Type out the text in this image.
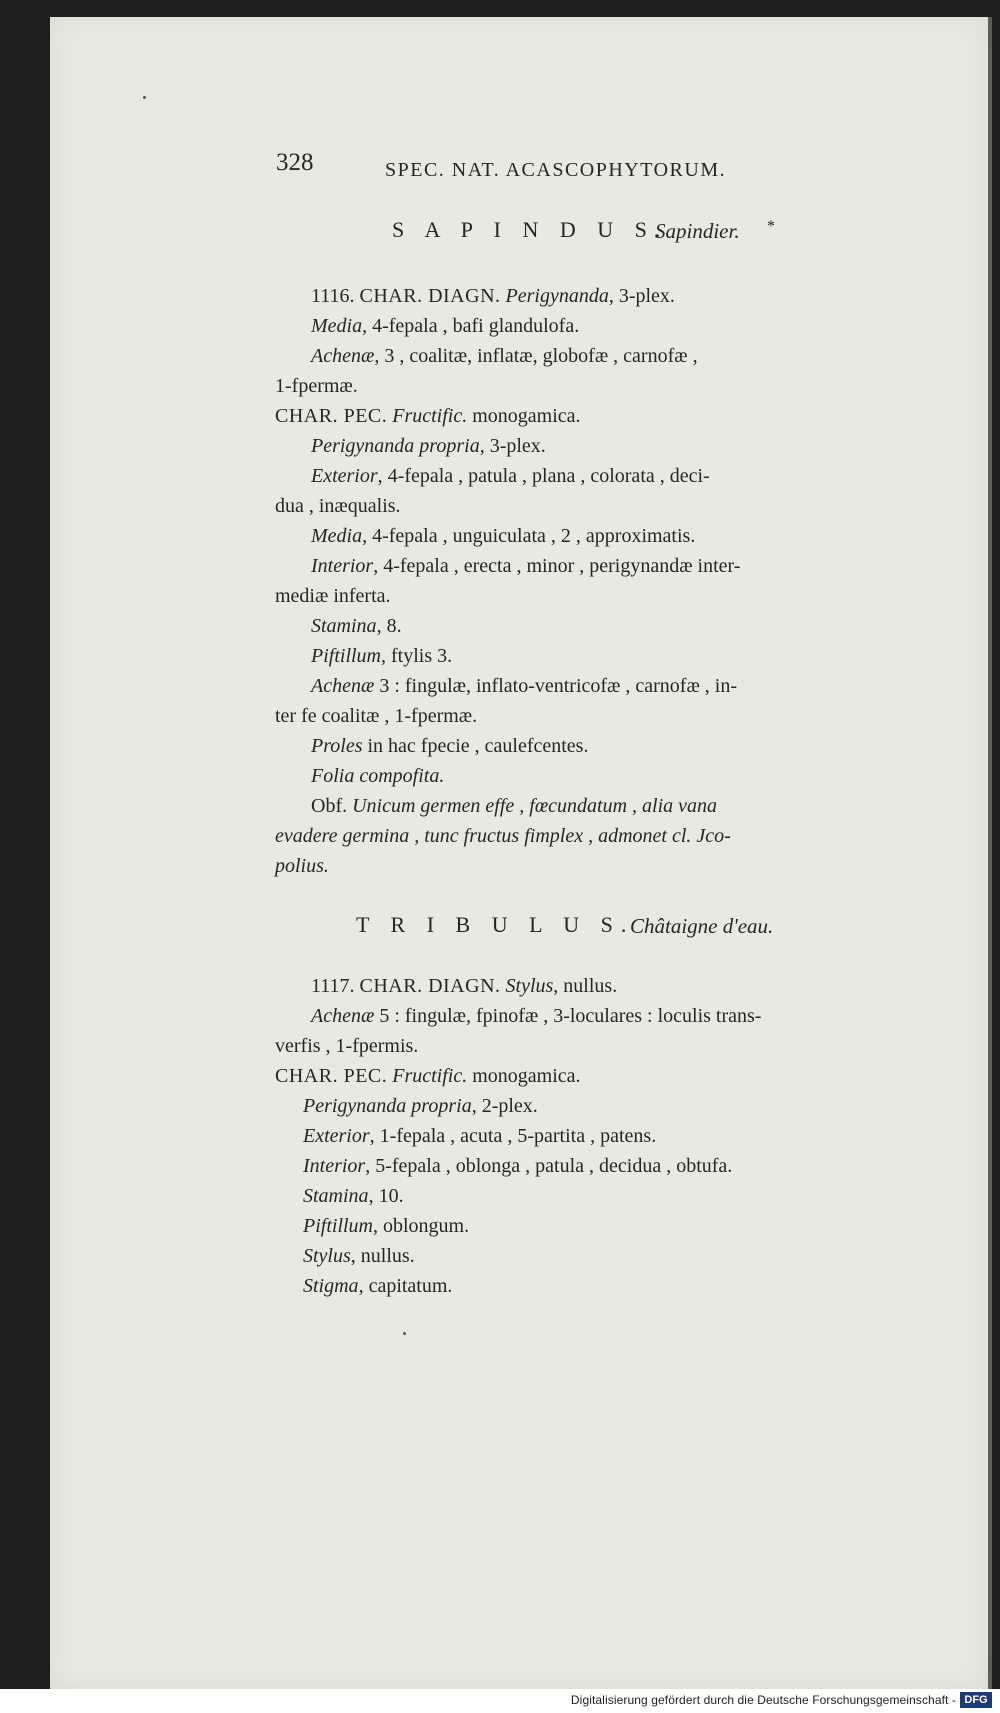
328	SPEC. NAT. ACASCOPHYTORUM.
S A P I N D U S.
Sapindier. *
1116. CHAR. DIAGN. Perigynanda, 3-plex.
Media, 4-fepala , bafi glandulofa.
Achenæ, 3 , coalitæ, inflatæ, globofæ , carnofæ ,
1-fpermæ.
CHAR. PEC. Fructific. monogamica.
Perigynanda propria, 3-plex.
Exterior, 4-fepala , patula , plana , colorata , deci-
dua , inæqualis.
Media, 4-fepala , unguiculata , 2 , approximatis.
Interior, 4-fepala , erecta , minor , perigynandæ inter-
mediæ inferta.
Stamina, 8.
Piftillum, ftylis 3.
Achenæ 3 : fingulæ, inflato-ventricofæ , carnofæ , in-
ter fe coalitæ , 1-fpermæ.
Proles in hac fpecie , caulefcentes.
Folia compofita.
Obf. Unicum germen effe , fœcundatum , alia vana
evadere germina , tunc fructus fimplex , admonet cl. Jco-
polius.
T R I B U L U S.
Châtaigne d'eau.
1117. CHAR. DIAGN. Stylus, nullus.
Achenæ 5 : fingulæ, fpinofæ , 3-loculares : loculis trans-
verfis , 1-fpermis.
CHAR. PEC. Fructific. monogamica.
Perigynanda propria, 2-plex.
Exterior, 1-fepala , acuta , 5-partita , patens.
Interior, 5-fepala , oblonga , patula , decidua , obtufa.
Stamina, 10.
Piftillum, oblongum.
Stylus, nullus.
Stigma, capitatum.
Digitalisierung gefördert durch die Deutsche Forschungsgemeinschaft - DFG
